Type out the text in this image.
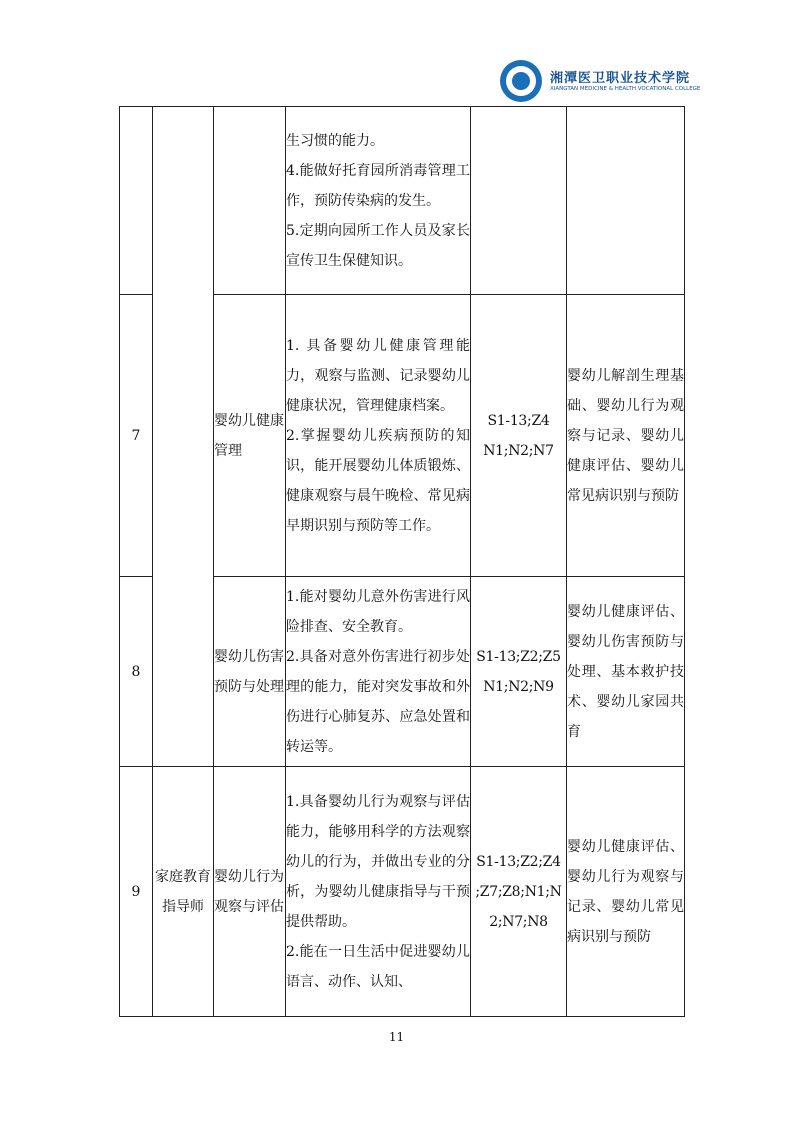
湘潭医卫职业技术学院
XIANGTAN MEDICINE & HEALTH VOCATIONAL COLLEGE

			生习惯的能力。

4.能做好托育园所消毒管理工作，预防传染病的发生。

5.定期向园所工作人员及家长宣传卫生保健知识。		

7		婴幼儿健康管理	1. 具备婴幼儿健康管理能力，观察与监测、记录婴幼儿健康状况，管理健康档案。

2.掌握婴幼儿疾病预防的知识，能开展婴幼儿体质锻炼、健康观察与晨午晚检、常见病早期识别与预防等工作。	S1-13;Z4 N1;N2;N7	婴幼儿解剖生理基础、婴幼儿行为观察与记录、婴幼儿健康评估、婴幼儿常见病识别与预防
8		婴幼儿伤害预防与处理	1.能对婴幼儿意外伤害进行风险排查、安全教育。

2.具备对意外伤害进行初步处理的能力，能对突发事故和外伤进行心肺复苏、应急处置和转运等。	S1-13;Z2;Z5 N1;N2;N9	婴幼儿健康评估、婴幼儿伤害预防与处理、基本救护技术、婴幼儿家园共育
9	家庭教育指导师	婴幼儿行为观察与评估	1.具备婴幼儿行为观察与评估能力，能够用科学的方法观察幼儿的行为，并做出专业的分析，为婴幼儿健康指导与干预提供帮助。

2.能在一日生活中促进婴幼儿语言、动作、认知、	S1-13;Z2;Z4 ;Z7;Z8;N1;N 2;N7;N8	婴幼儿健康评估、婴幼儿行为观察与记录、婴幼儿常见病识别与预防
11
